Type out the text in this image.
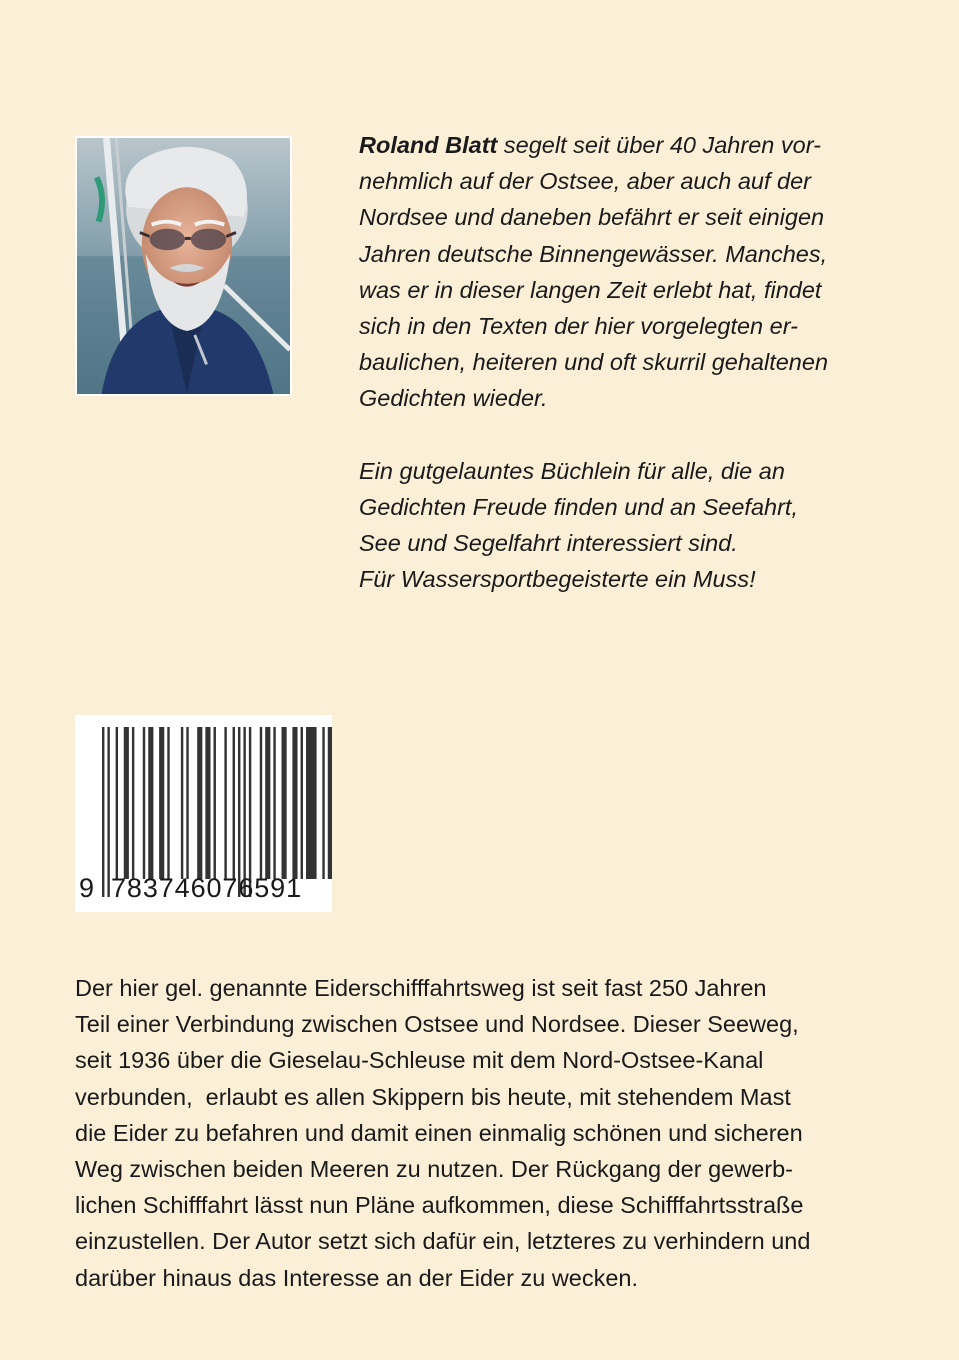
Roland Blatt segelt seit über 40 Jahren vor-
nehmlich auf der Ostsee, aber auch auf der
Nordsee und daneben befährt er seit einigen
Jahren deutsche Binnengewässer. Manches,
was er in dieser langen Zeit erlebt hat, findet
sich in den Texten der hier vorgelegten er-
baulichen, heiteren und oft skurril gehaltenen
Gedichten wieder.

Ein gutgelauntes Büchlein für alle, die an
Gedichten Freude finden und an Seefahrt,
See und Segelfahrt interessiert sind.
Für Wassersportbegeisterte ein Muss!

9 783746076591
Der hier gel. genannte Eiderschifffahrtsweg ist seit fast 250 Jahren
Teil einer Verbindung zwischen Ostsee und Nordsee. Dieser Seeweg,
seit 1936 über die Gieselau-Schleuse mit dem Nord-Ostsee-Kanal
verbunden,  erlaubt es allen Skippern bis heute, mit stehendem Mast
die Eider zu befahren und damit einen einmalig schönen und sicheren
Weg zwischen beiden Meeren zu nutzen. Der Rückgang der gewerb-
lichen Schifffahrt lässt nun Pläne aufkommen, diese Schifffahrtsstraße
einzustellen. Der Autor setzt sich dafür ein, letzteres zu verhindern und
darüber hinaus das Interesse an der Eider zu wecken.
